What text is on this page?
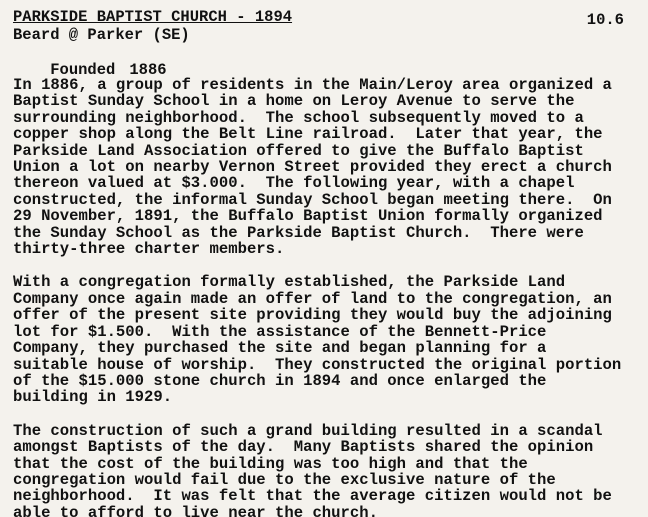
PARKSIDE BAPTIST CHURCH - 1894	10.6
Beard @ Parker (SE)

Founded 1886

In 1886, a group of residents in the Main/Leroy area organized a
Baptist Sunday School in a home on Leroy Avenue to serve the
surrounding neighborhood.  The school subsequently moved to a
copper shop along the Belt Line railroad.  Later that year, the
Parkside Land Association offered to give the Buffalo Baptist
Union a lot on nearby Vernon Street provided they erect a church
thereon valued at $3.000.  The following year, with a chapel
constructed, the informal Sunday School began meeting there.  On
29 November, 1891, the Buffalo Baptist Union formally organized
the Sunday School as the Parkside Baptist Church.  There were
thirty-three charter members.

With a congregation formally established, the Parkside Land
Company once again made an offer of land to the congregation, an
offer of the present site providing they would buy the adjoining
lot for $1.500.  With the assistance of the Bennett-Price
Company, they purchased the site and began planning for a
suitable house of worship.  They constructed the original portion
of the $15.000 stone church in 1894 and once enlarged the
building in 1929.

The construction of such a grand building resulted in a scandal
amongst Baptists of the day.  Many Baptists shared the opinion
that the cost of the building was too high and that the
congregation would fail due to the exclusive nature of the
neighborhood.  It was felt that the average citizen would not be
able to afford to live near the church.
